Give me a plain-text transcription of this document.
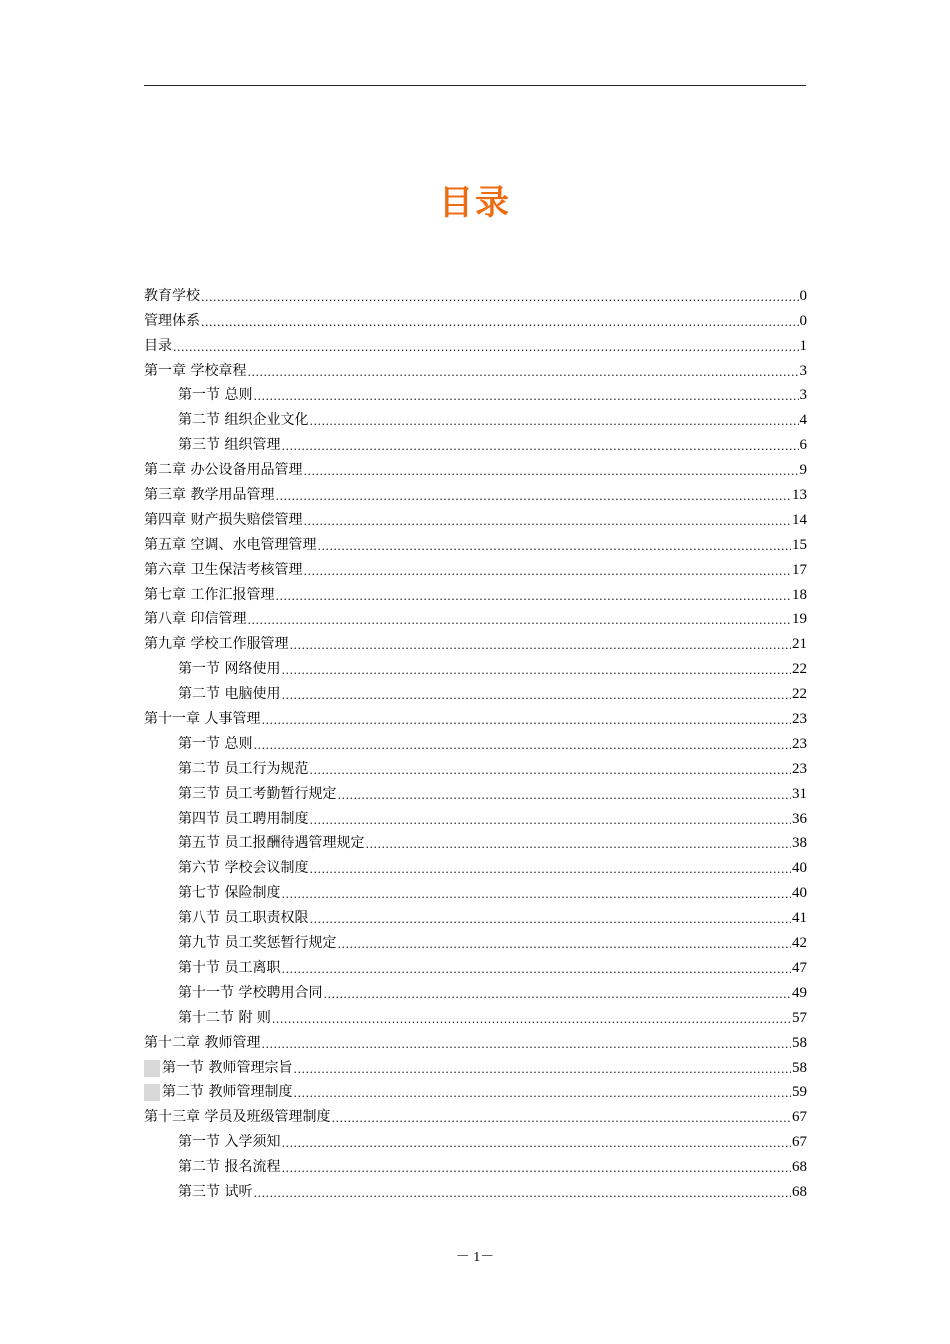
目录
教育学校 .....	0
管理体系 .....	0
目录 .....	1
第一章 学校章程 .....	3
第一节 总则 .....	3
第二节 组织企业文化 .....	4
第三节 组织管理 .....	6
第二章 办公设备用品管理 .....	9
第三章 教学用品管理 .....	13
第四章 财产损失赔偿管理 .....	14
第五章 空调、水电管理管理 .....	15
第六章 卫生保洁考核管理 .....	17
第七章 工作汇报管理 .....	18
第八章 印信管理 .....	19
第九章 学校工作服管理 .....	21
第一节 网络使用 .....	22
第二节 电脑使用 .....	22
第十一章 人事管理 .....	23
第一节 总则 .....	23
第二节 员工行为规范 .....	23
第三节 员工考勤暂行规定 .....	31
第四节 员工聘用制度 .....	36
第五节 员工报酬待遇管理规定 .....	38
第六节 学校会议制度 .....	40
第七节 保险制度 .....	40
第八节 员工职责权限 .....	41
第九节 员工奖惩暂行规定 .....	42
第十节 员工离职 .....	47
第十一节 学校聘用合同 .....	49
第十二节 附 则 .....	57
第十二章 教师管理 .....	58
第一节 教师管理宗旨 .....	58
第二节 教师管理制度 .....	59
第十三章 学员及班级管理制度 .....	67
第一节 入学须知 .....	67
第二节 报名流程 .....	68
第三节 试听 .....	68
－ 1－
